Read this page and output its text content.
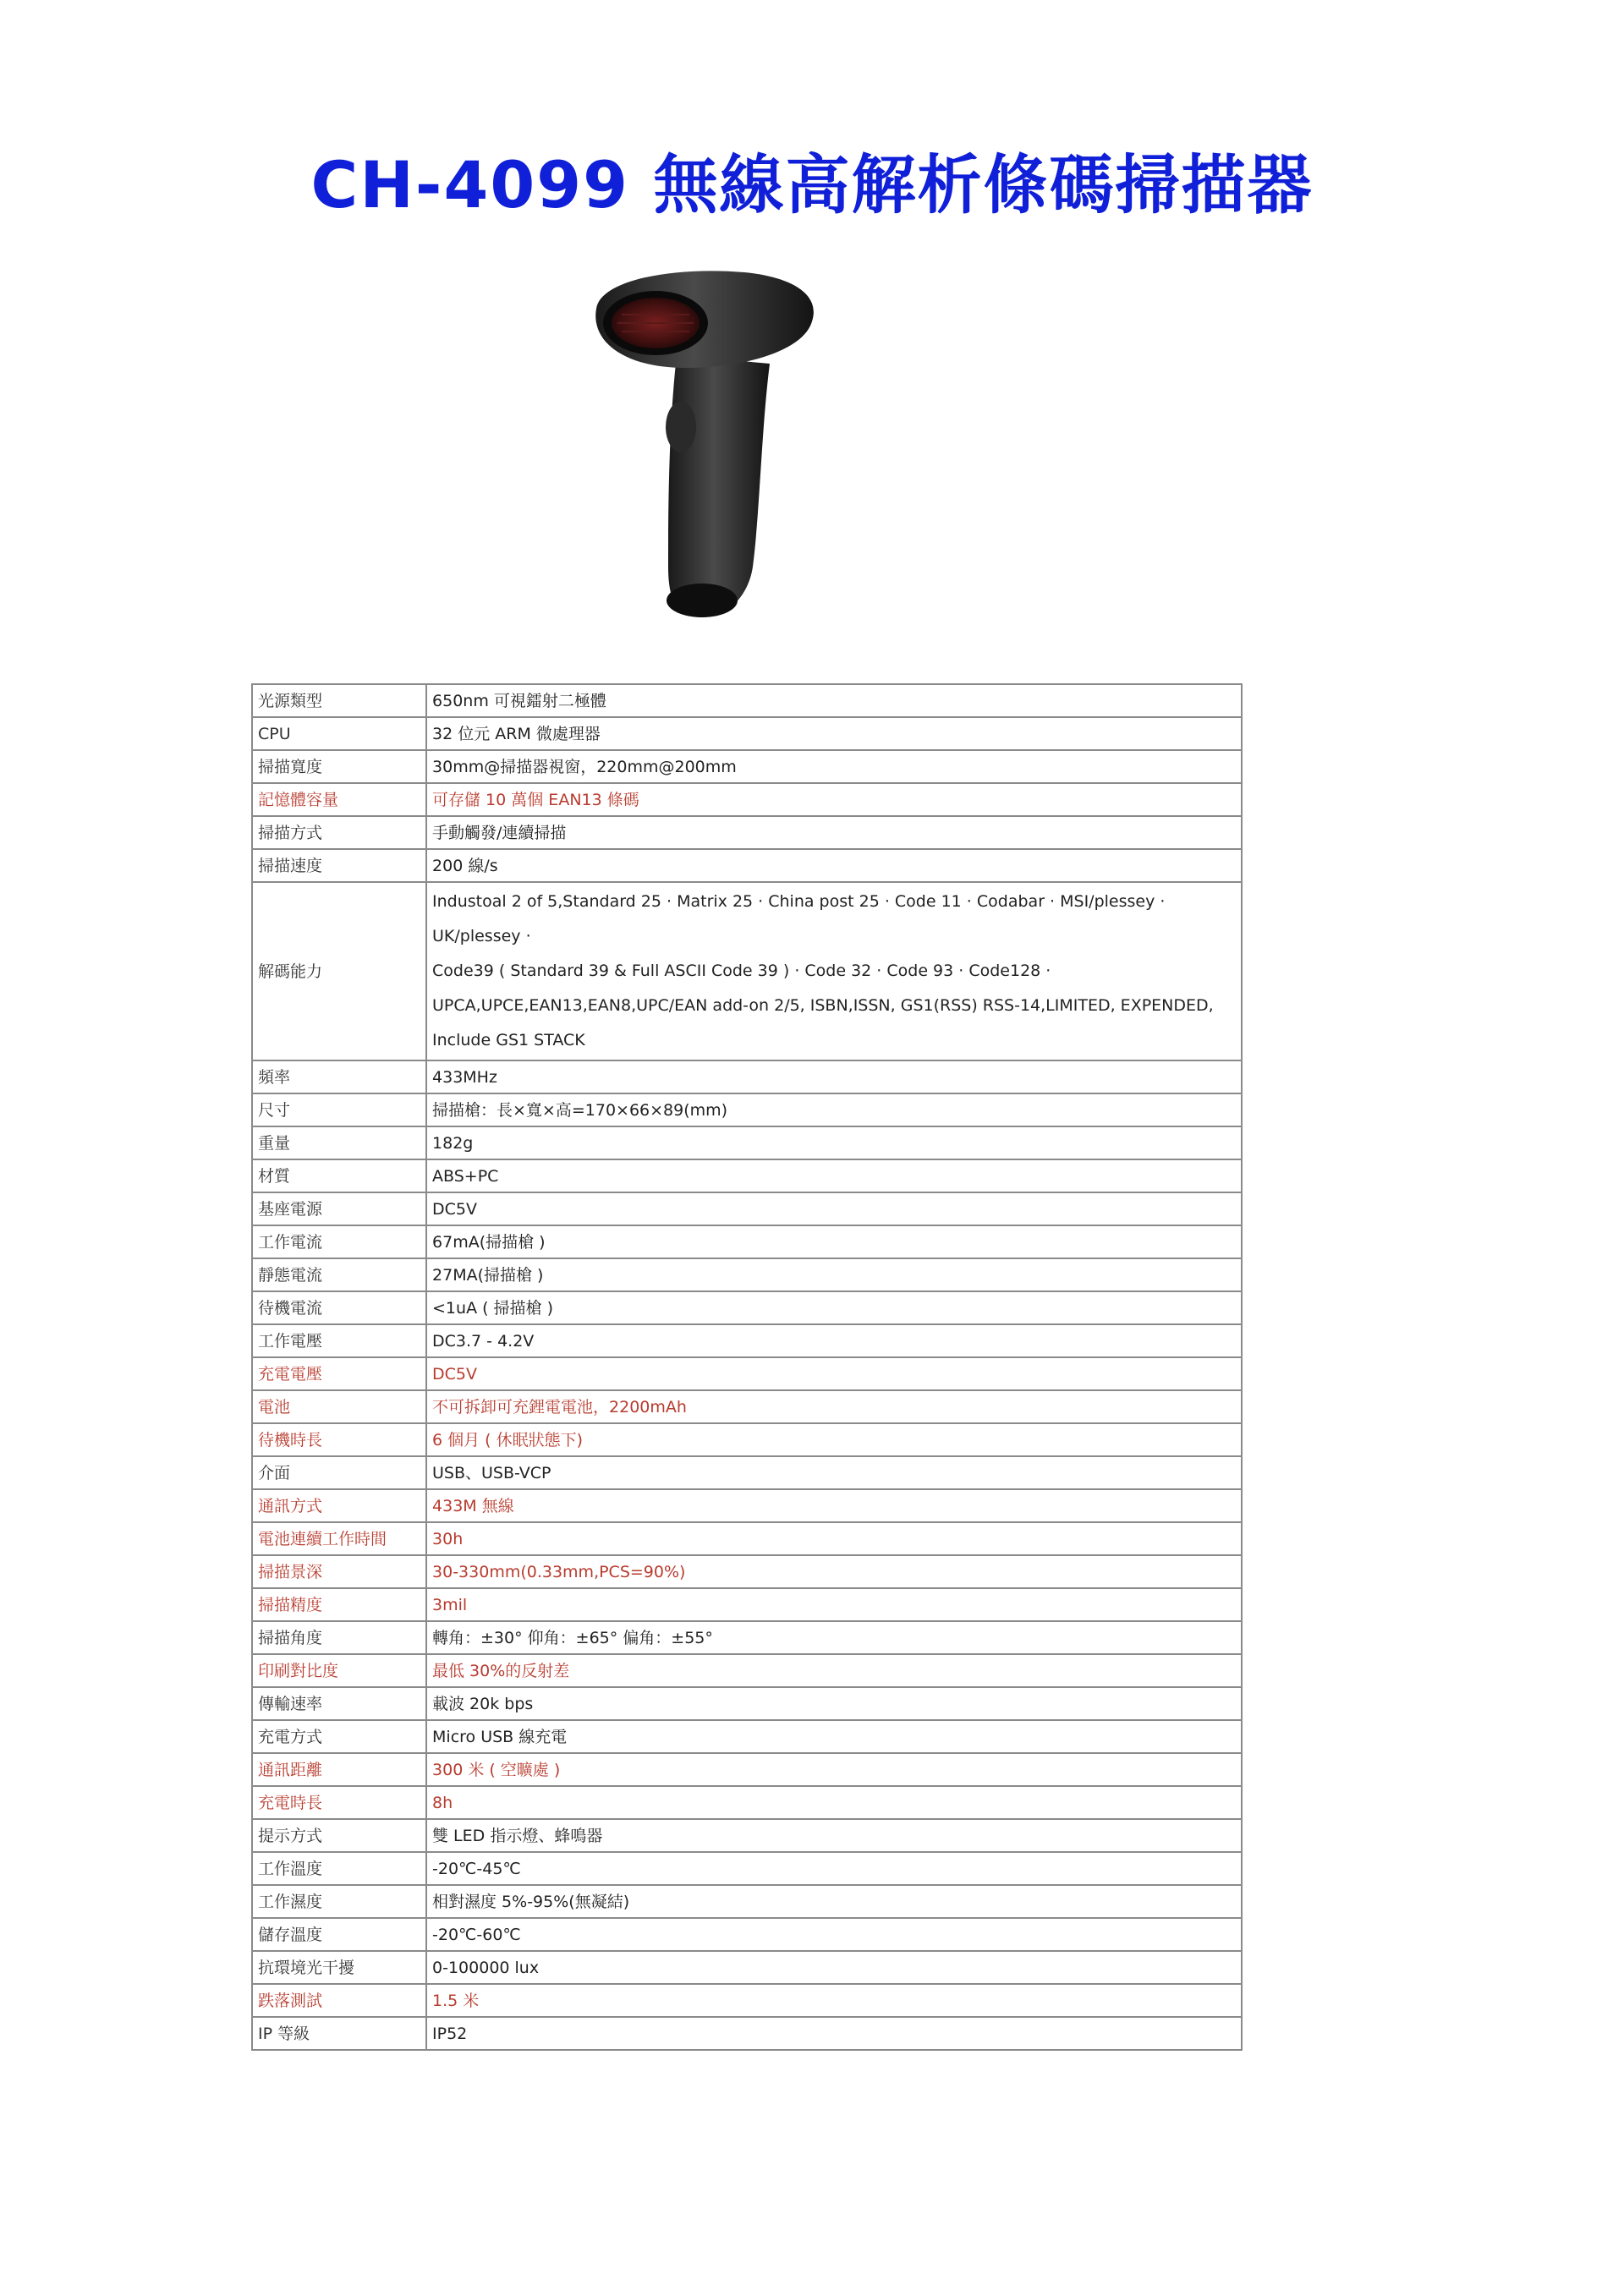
CH-4099 無線高解析條碼掃描器
光源類型	650nm 可視鐳射二極體
CPU	32 位元 ARM 微處理器
掃描寬度	30mm@掃描器視窗，220mm@200mm
記憶體容量	可存儲 10 萬個 EAN13 條碼
掃描方式	手動觸發/連續掃描
掃描速度	200 線/s
解碼能力	Industoal 2 of 5,Standard 25 · Matrix 25 · China post 25 · Code 11 · Codabar · MSI/plessey · UK/plessey ·
Code39 ( Standard 39 & Full ASCII Code 39 ) · Code 32 · Code 93 · Code128 ·
UPCA,UPCE,EAN13,EAN8,UPC/EAN add-on 2/5, ISBN,ISSN, GS1(RSS) RSS-14,LIMITED, EXPENDED,
Include GS1 STACK

頻率	433MHz
尺寸	掃描槍：長×寬×高=170×66×89(mm)
重量	182g
材質	ABS+PC
基座電源	DC5V
工作電流	67mA(掃描槍 )
靜態電流	27MA(掃描槍 )
待機電流	<1uA ( 掃描槍 )
工作電壓	DC3.7 - 4.2V
充電電壓	DC5V
電池	不可拆卸可充鋰電電池，2200mAh
待機時長	6 個月 ( 休眠狀態下)
介面	USB、USB-VCP
通訊方式	433M 無線
電池連續工作時間	30h
掃描景深	30-330mm(0.33mm,PCS=90%)
掃描精度	3mil
掃描角度	轉角：±30° 仰角：±65° 偏角：±55°
印刷對比度	最低 30%的反射差
傳輸速率	載波 20k bps
充電方式	Micro USB 線充電
通訊距離	300 米 ( 空曠處 )
充電時長	8h
提示方式	雙 LED 指示燈、蜂鳴器
工作溫度	-20℃-45℃
工作濕度	相對濕度 5%-95%(無凝結)
儲存溫度	-20℃-60℃
抗環境光干擾	0-100000 lux
跌落測試	1.5 米
IP 等級	IP52
